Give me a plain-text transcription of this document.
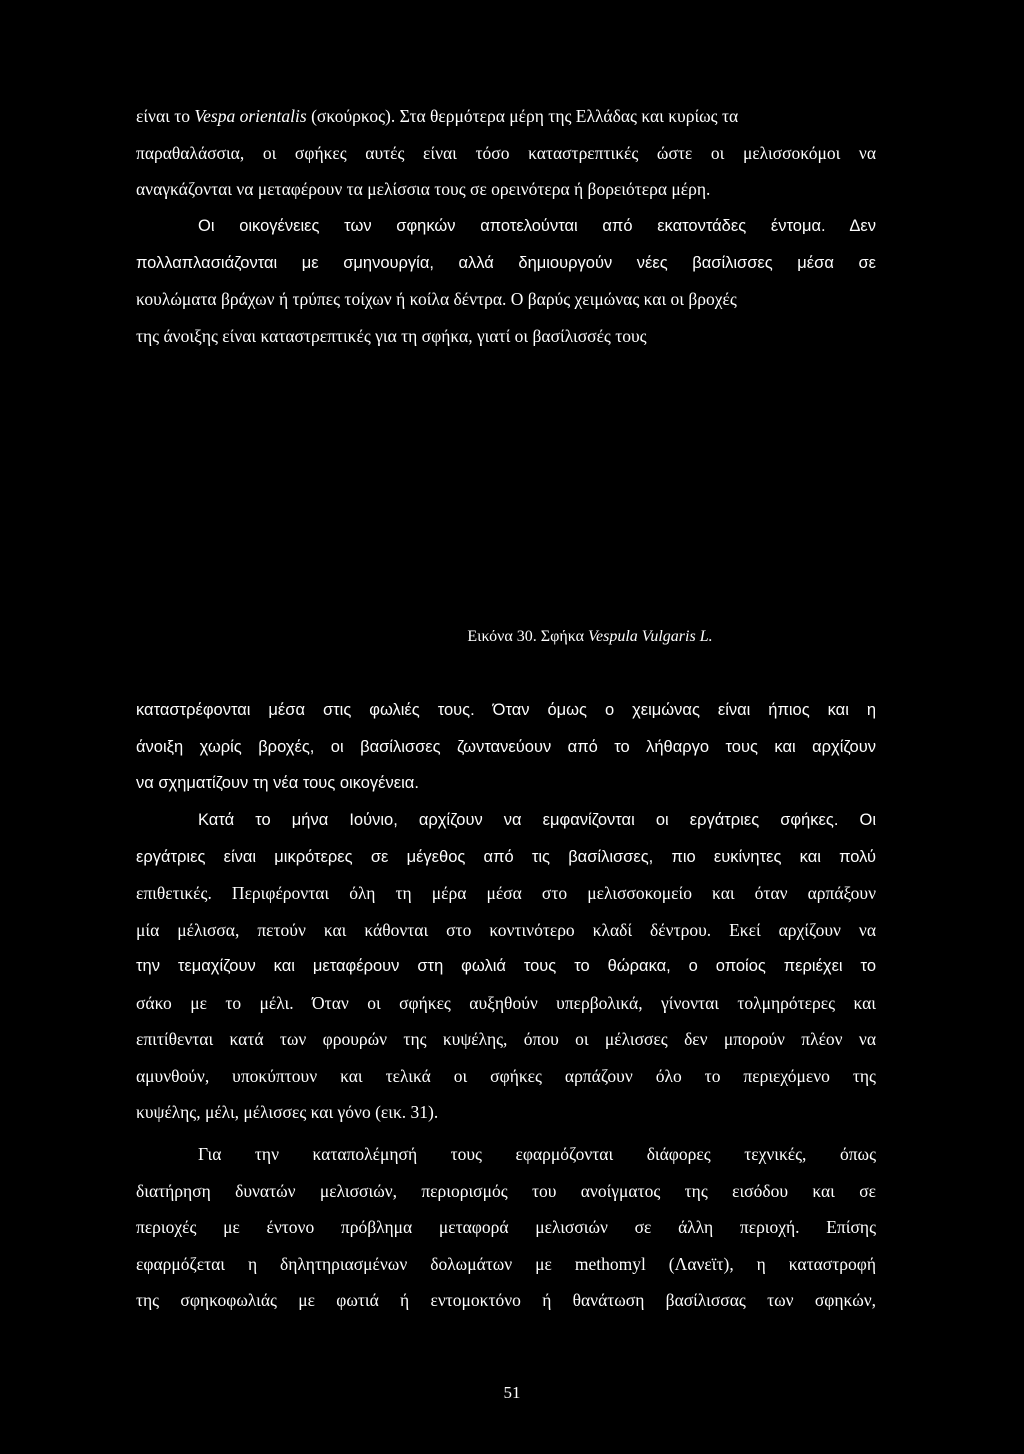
είναι το Vespa orientalis (σκούρκος). Στα θερμότερα μέρη της Ελλάδας και κυρίως τα
παραθαλάσσια, οι σφήκες αυτές είναι τόσο καταστρεπτικές ώστε οι μελισσοκόμοι να
αναγκάζονται να μεταφέρουν τα μελίσσια τους σε ορεινότερα ή βορειότερα μέρη.
Οι οικογένειες των σφηκών αποτελούνται από εκατοντάδες έντομα. Δεν
πολλαπλασιάζονται με σμηνουργία, αλλά δημιουργούν νέες βασίλισσες μέσα σε
κουλώματα βράχων ή τρύπες τοίχων ή κοίλα δέντρα. Ο βαρύς χειμώνας και οι βροχές
της άνοιξης είναι καταστρεπτικές για τη σφήκα, γιατί οι βασίλισσές τους
Εικόνα 30. Σφήκα Vespula Vulgaris L.
καταστρέφονται μέσα στις φωλιές τους. Όταν όμως ο χειμώνας είναι ήπιος και η
άνοιξη χωρίς βροχές, οι βασίλισσες ζωντανεύουν από το λήθαργο τους και αρχίζουν
να σχηματίζουν τη νέα τους οικογένεια.
Κατά το μήνα Ιούνιο, αρχίζουν να εμφανίζονται οι εργάτριες σφήκες. Οι
εργάτριες είναι μικρότερες σε μέγεθος από τις βασίλισσες, πιο ευκίνητες και πολύ
επιθετικές. Περιφέρονται όλη τη μέρα μέσα στο μελισσοκομείο και όταν αρπάξουν
μία μέλισσα, πετούν και κάθονται στο κοντινότερο κλαδί δέντρου. Εκεί αρχίζουν να
την τεμαχίζουν και μεταφέρουν στη φωλιά τους το θώρακα, ο οποίος περιέχει το
σάκο με το μέλι. Όταν οι σφήκες αυξηθούν υπερβολικά, γίνονται τολμηρότερες και
επιτίθενται κατά των φρουρών της κυψέλης, όπου οι μέλισσες δεν μπορούν πλέον να
αμυνθούν, υποκύπτουν και τελικά οι σφήκες αρπάζουν όλο το περιεχόμενο της
κυψέλης, μέλι, μέλισσες και γόνο (εικ. 31).
Για την καταπολέμησή τους εφαρμόζονται διάφορες τεχνικές, όπως
διατήρηση δυνατών μελισσιών, περιορισμός του ανοίγματος της εισόδου και σε
περιοχές με έντονο πρόβλημα μεταφορά μελισσιών σε άλλη περιοχή. Επίσης
εφαρμόζεται η δηλητηριασμένων δολωμάτων με methomyl (Λανεϊτ), η καταστροφή
της σφηκοφωλιάς με φωτιά ή εντομοκτόνο ή θανάτωση βασίλισσας των σφηκών,
51
